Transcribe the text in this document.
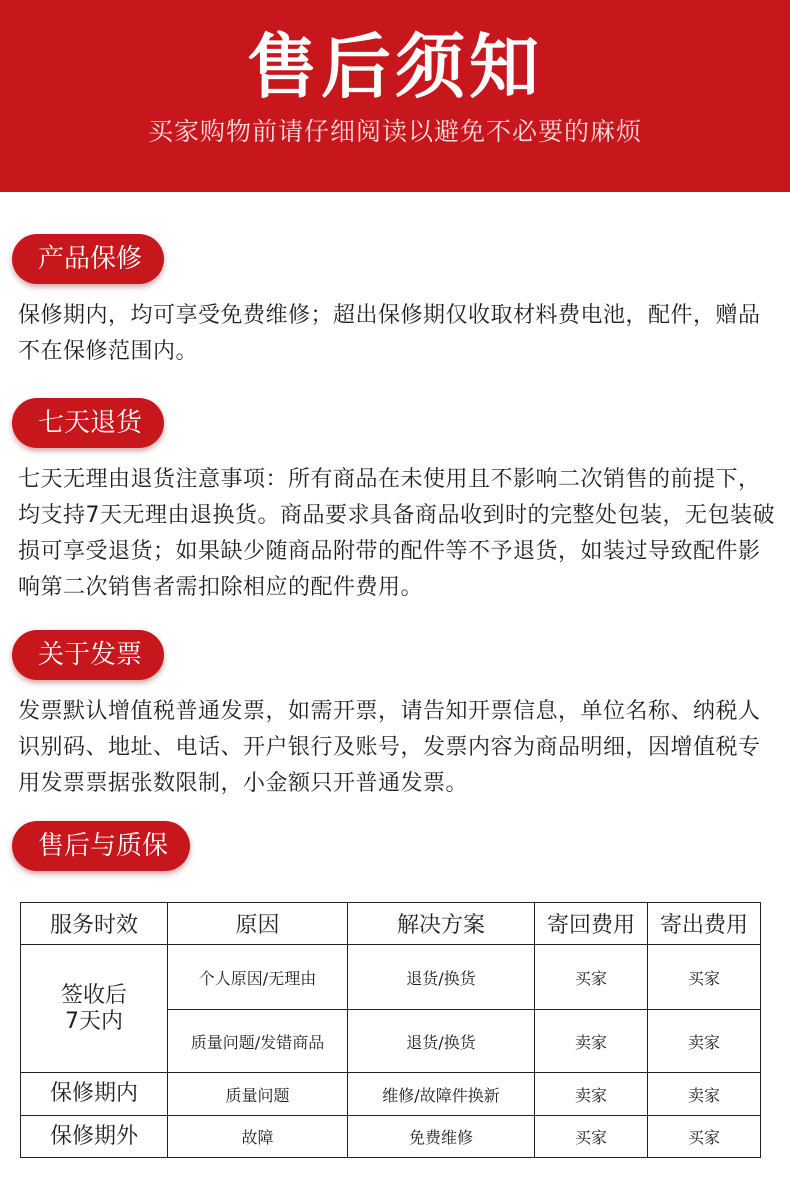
售后须知
买家购物前请仔细阅读以避免不必要的麻烦
产品保修
保修期内，均可享受免费维修；超出保修期仅收取材料费电池，配件，赠品不在保修范围内。
七天退货
七天无理由退货注意事项：所有商品在未使用且不影响二次销售的前提下，均支持7天无理由退换货。商品要求具备商品收到时的完整处包装，无包装破损可享受退货；如果缺少随商品附带的配件等不予退货，如装过导致配件影响第二次销售者需扣除相应的配件费用。
关于发票
发票默认增值税普通发票，如需开票，请告知开票信息，单位名称、纳税人识别码、地址、电话、开户银行及账号，发票内容为商品明细，因增值税专用发票票据张数限制，小金额只开普通发票。
售后与质保
服务时效	原因	解决方案	寄回费用	寄出费用
签收后
7天内	个人原因/无理由	退货/换货	买家	买家
	质量问题/发错商品	退货/换货	卖家	卖家
保修期内	质量问题	维修/故障件换新	卖家	卖家
保修期外	故障	免费维修	买家	买家
